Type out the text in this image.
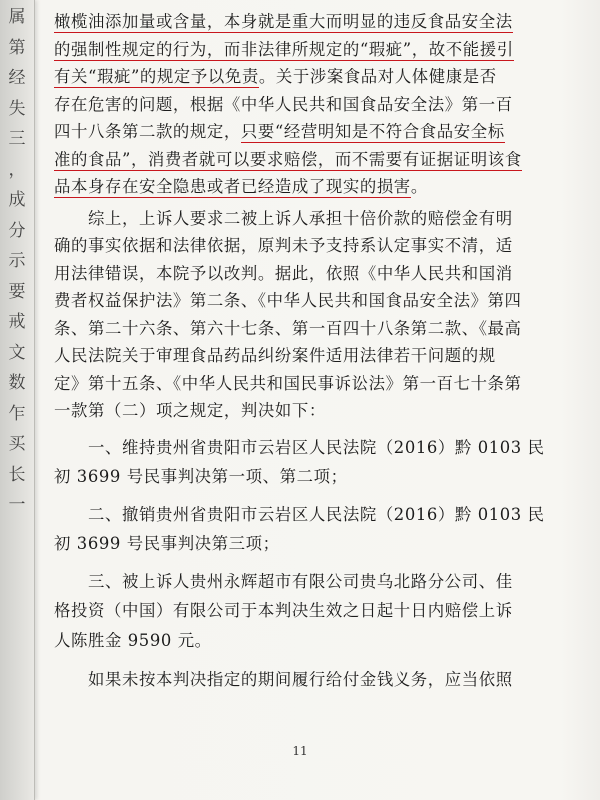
属
第
经
失
三
，
成
分
示
要
戒
文
数
乍
买
长
一
橄榄油添加量或含量，本身就是重大而明显的违反食品安全法
的强制性规定的行为，而非法律所规定的“瑕疵”，故不能援引
有关“瑕疵”的规定予以免责。关于涉案食品对人体健康是否
存在危害的问题，根据《中华人民共和国食品安全法》第一百
四十八条第二款的规定，只要“经营明知是不符合食品安全标
准的食品”，消费者就可以要求赔偿，而不需要有证据证明该食
品本身存在安全隐患或者已经造成了现实的损害。
　　综上，上诉人要求二被上诉人承担十倍价款的赔偿金有明
确的事实依据和法律依据，原判未予支持系认定事实不清，适
用法律错误，本院予以改判。据此，依照《中华人民共和国消
费者权益保护法》第二条、《中华人民共和国食品安全法》第四
条、第二十六条、第六十七条、第一百四十八条第二款、《最高
人民法院关于审理食品药品纠纷案件适用法律若干问题的规
定》第十五条、《中华人民共和国民事诉讼法》第一百七十条第
一款第（二）项之规定，判决如下：
　　一、维持贵州省贵阳市云岩区人民法院（2016）黔 0103 民
初 3699 号民事判决第一项、第二项；
　　二、撤销贵州省贵阳市云岩区人民法院（2016）黔 0103 民
初 3699 号民事判决第三项；
　　三、被上诉人贵州永辉超市有限公司贵乌北路分公司、佳
格投资（中国）有限公司于本判决生效之日起十日内赔偿上诉
人陈胜金 9590 元。
　　如果未按本判决指定的期间履行给付金钱义务，应当依照
11
